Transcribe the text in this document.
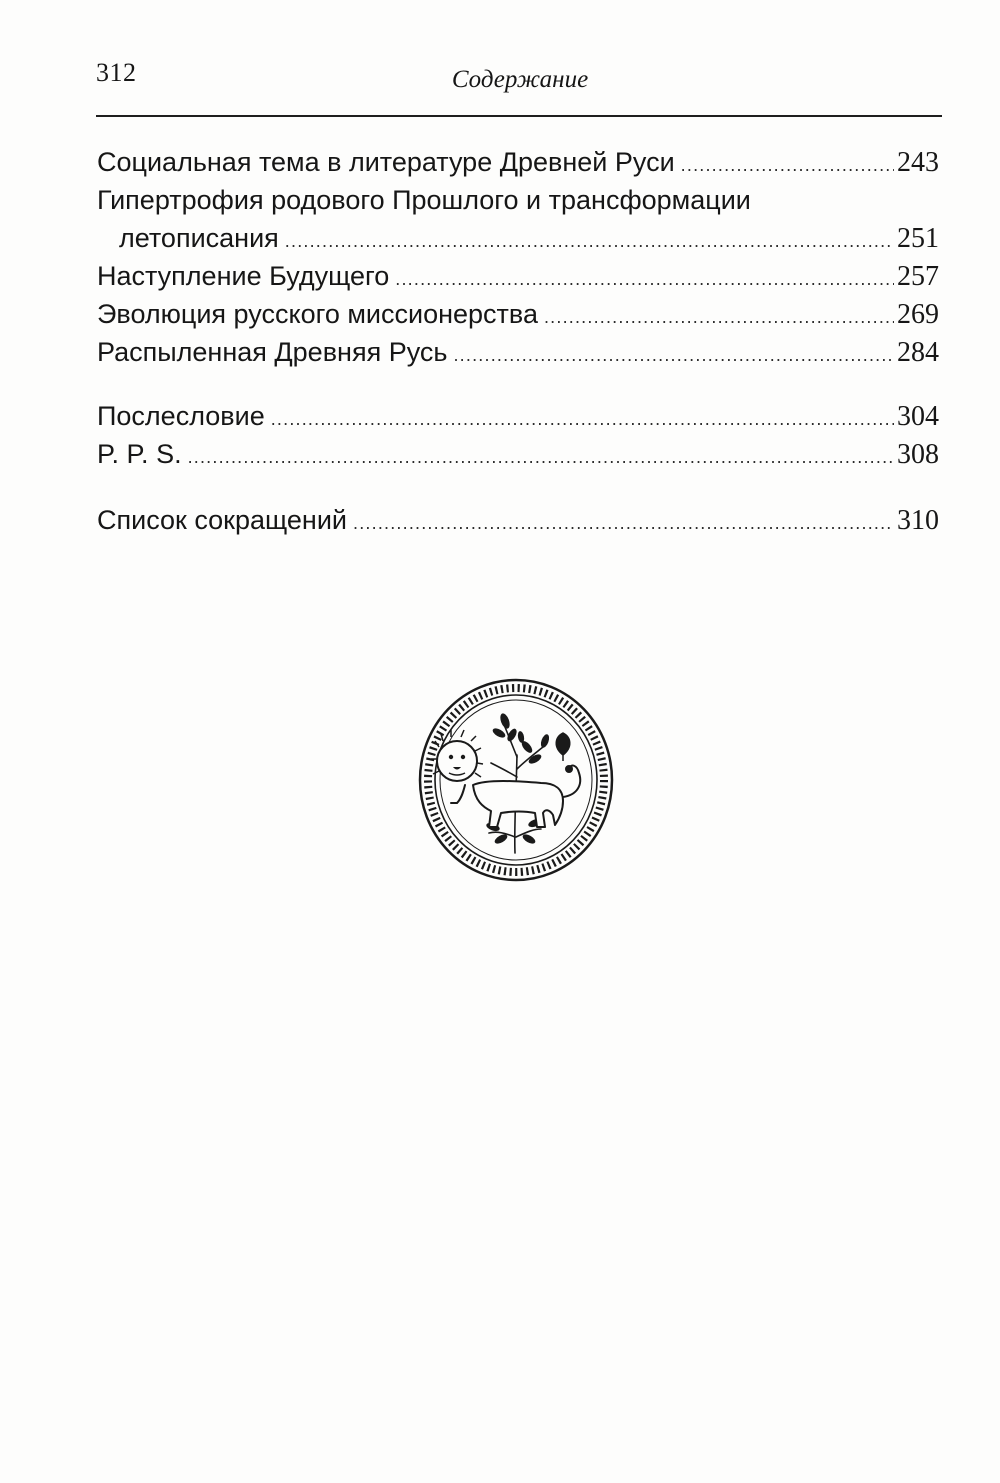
312	Содержание
Социальная тема в литературе Древней Руси .....	243
Гипертрофия родового Прошлого и трансформации
летописания .....	251
Наступление Будущего .....	257
Эволюция русского миссионерства .....	269
Распыленная Древняя Русь .....	284
Послесловие .....	304
P. P. S. .....	308
Список сокращений .....	310
